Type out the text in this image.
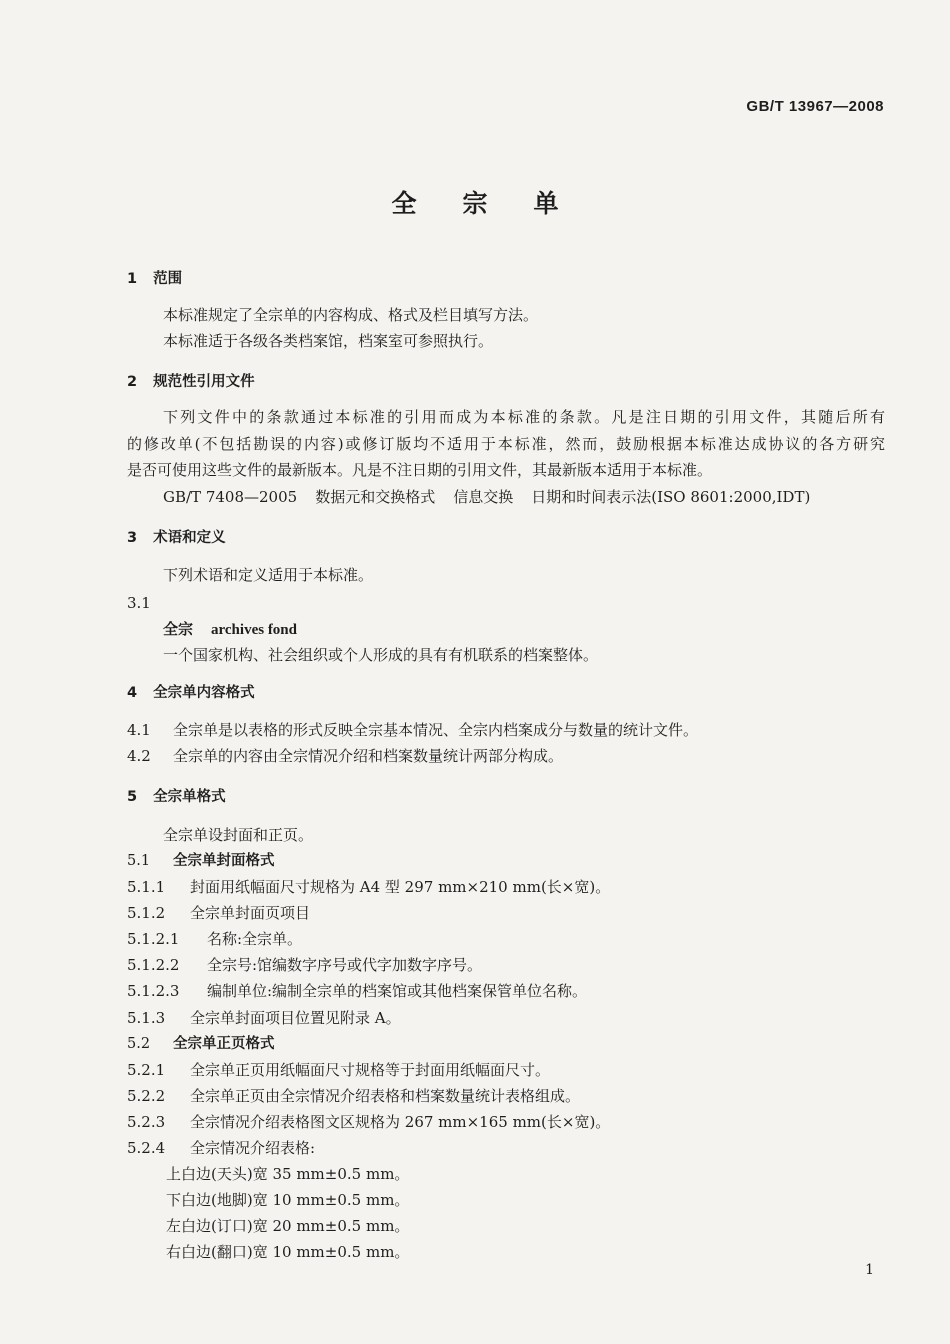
GB/T 13967—2008
全宗单
1 范围
本标准规定了全宗单的内容构成、格式及栏目填写方法。
本标准适于各级各类档案馆，档案室可参照执行。
2 规范性引用文件
下列文件中的条款通过本标准的引用而成为本标准的条款。凡是注日期的引用文件，其随后所有
的修改单(不包括勘误的内容)或修订版均不适用于本标准，然而，鼓励根据本标准达成协议的各方研究
是否可使用这些文件的最新版本。凡是不注日期的引用文件，其最新版本适用于本标准。
GB/T 7408—2005 数据元和交换格式 信息交换 日期和时间表示法(ISO 8601:2000,IDT)
3 术语和定义
下列术语和定义适用于本标准。
3.1
全宗 archives fond
一个国家机构、社会组织或个人形成的具有有机联系的档案整体。
4 全宗单内容格式
4.1 全宗单是以表格的形式反映全宗基本情况、全宗内档案成分与数量的统计文件。
4.2 全宗单的内容由全宗情况介绍和档案数量统计两部分构成。
5 全宗单格式
全宗单设封面和正页。
5.1 全宗单封面格式
5.1.1 封面用纸幅面尺寸规格为 A4 型 297 mm×210 mm(长×宽)。
5.1.2 全宗单封面页项目
5.1.2.1 名称:全宗单。
5.1.2.2 全宗号:馆编数字序号或代字加数字序号。
5.1.2.3 编制单位:编制全宗单的档案馆或其他档案保管单位名称。
5.1.3 全宗单封面项目位置见附录 A。
5.2 全宗单正页格式
5.2.1 全宗单正页用纸幅面尺寸规格等于封面用纸幅面尺寸。
5.2.2 全宗单正页由全宗情况介绍表格和档案数量统计表格组成。
5.2.3 全宗情况介绍表格图文区规格为 267 mm×165 mm(长×宽)。
5.2.4 全宗情况介绍表格:
上白边(天头)宽 35 mm±0.5 mm。
下白边(地脚)宽 10 mm±0.5 mm。
左白边(订口)宽 20 mm±0.5 mm。
右白边(翻口)宽 10 mm±0.5 mm。
1
